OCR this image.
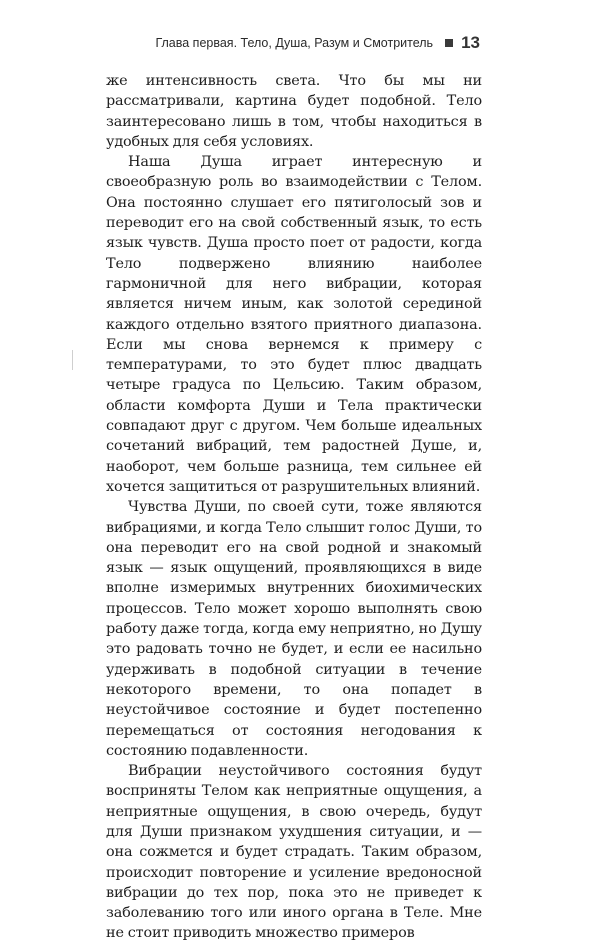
Глава первая. Тело, Душа, Разум и Смотритель 13

же интенсивность света. Что бы мы ни рассматривали, картина будет подобной. Тело заинтересовано лишь в том, чтобы находиться в удобных для себя условиях.

Наша Душа играет интересную и своеобразную роль во взаимодействии с Телом. Она постоянно слушает его пятиголосый зов и переводит его на свой собственный язык, то есть язык чувств. Душа просто поет от радости, когда Тело подвержено влиянию наиболее гармоничной для него вибрации, которая является ничем иным, как золотой серединой каждого отдельно взятого приятного диапазона. Если мы снова вернемся к примеру с температурами, то это будет плюс двадцать четыре градуса по Цельсию. Таким образом, области комфорта Души и Тела практически совпадают друг с другом. Чем больше идеальных сочетаний вибраций, тем радостней Душе, и, наоборот, чем больше разница, тем сильнее ей хочется защититься от разрушительных влияний.

Чувства Души, по своей сути, тоже являются вибрациями, и когда Тело слышит голос Души, то она переводит его на свой родной и знакомый язык — язык ощущений, проявляющихся в виде вполне измеримых внутренних биохимических процессов. Тело может хорошо выполнять свою работу даже тогда, когда ему неприятно, но Душу это радовать точно не будет, и если ее насильно удерживать в подобной ситуации в течение некоторого времени, то она попадет в неустойчивое состояние и будет постепенно перемещаться от состояния негодования к состоянию подавленности.

Вибрации неустойчивого состояния будут восприняты Телом как неприятные ощущения, а неприятные ощущения, в свою очередь, будут для Души признаком ухудшения ситуации, и — она сожмется и будет страдать. Таким образом, происходит повторение и усиление вредоносной вибрации до тех пор, пока это не приведет к заболеванию того или иного органа в Теле. Мне не стоит приводить множество примеров
